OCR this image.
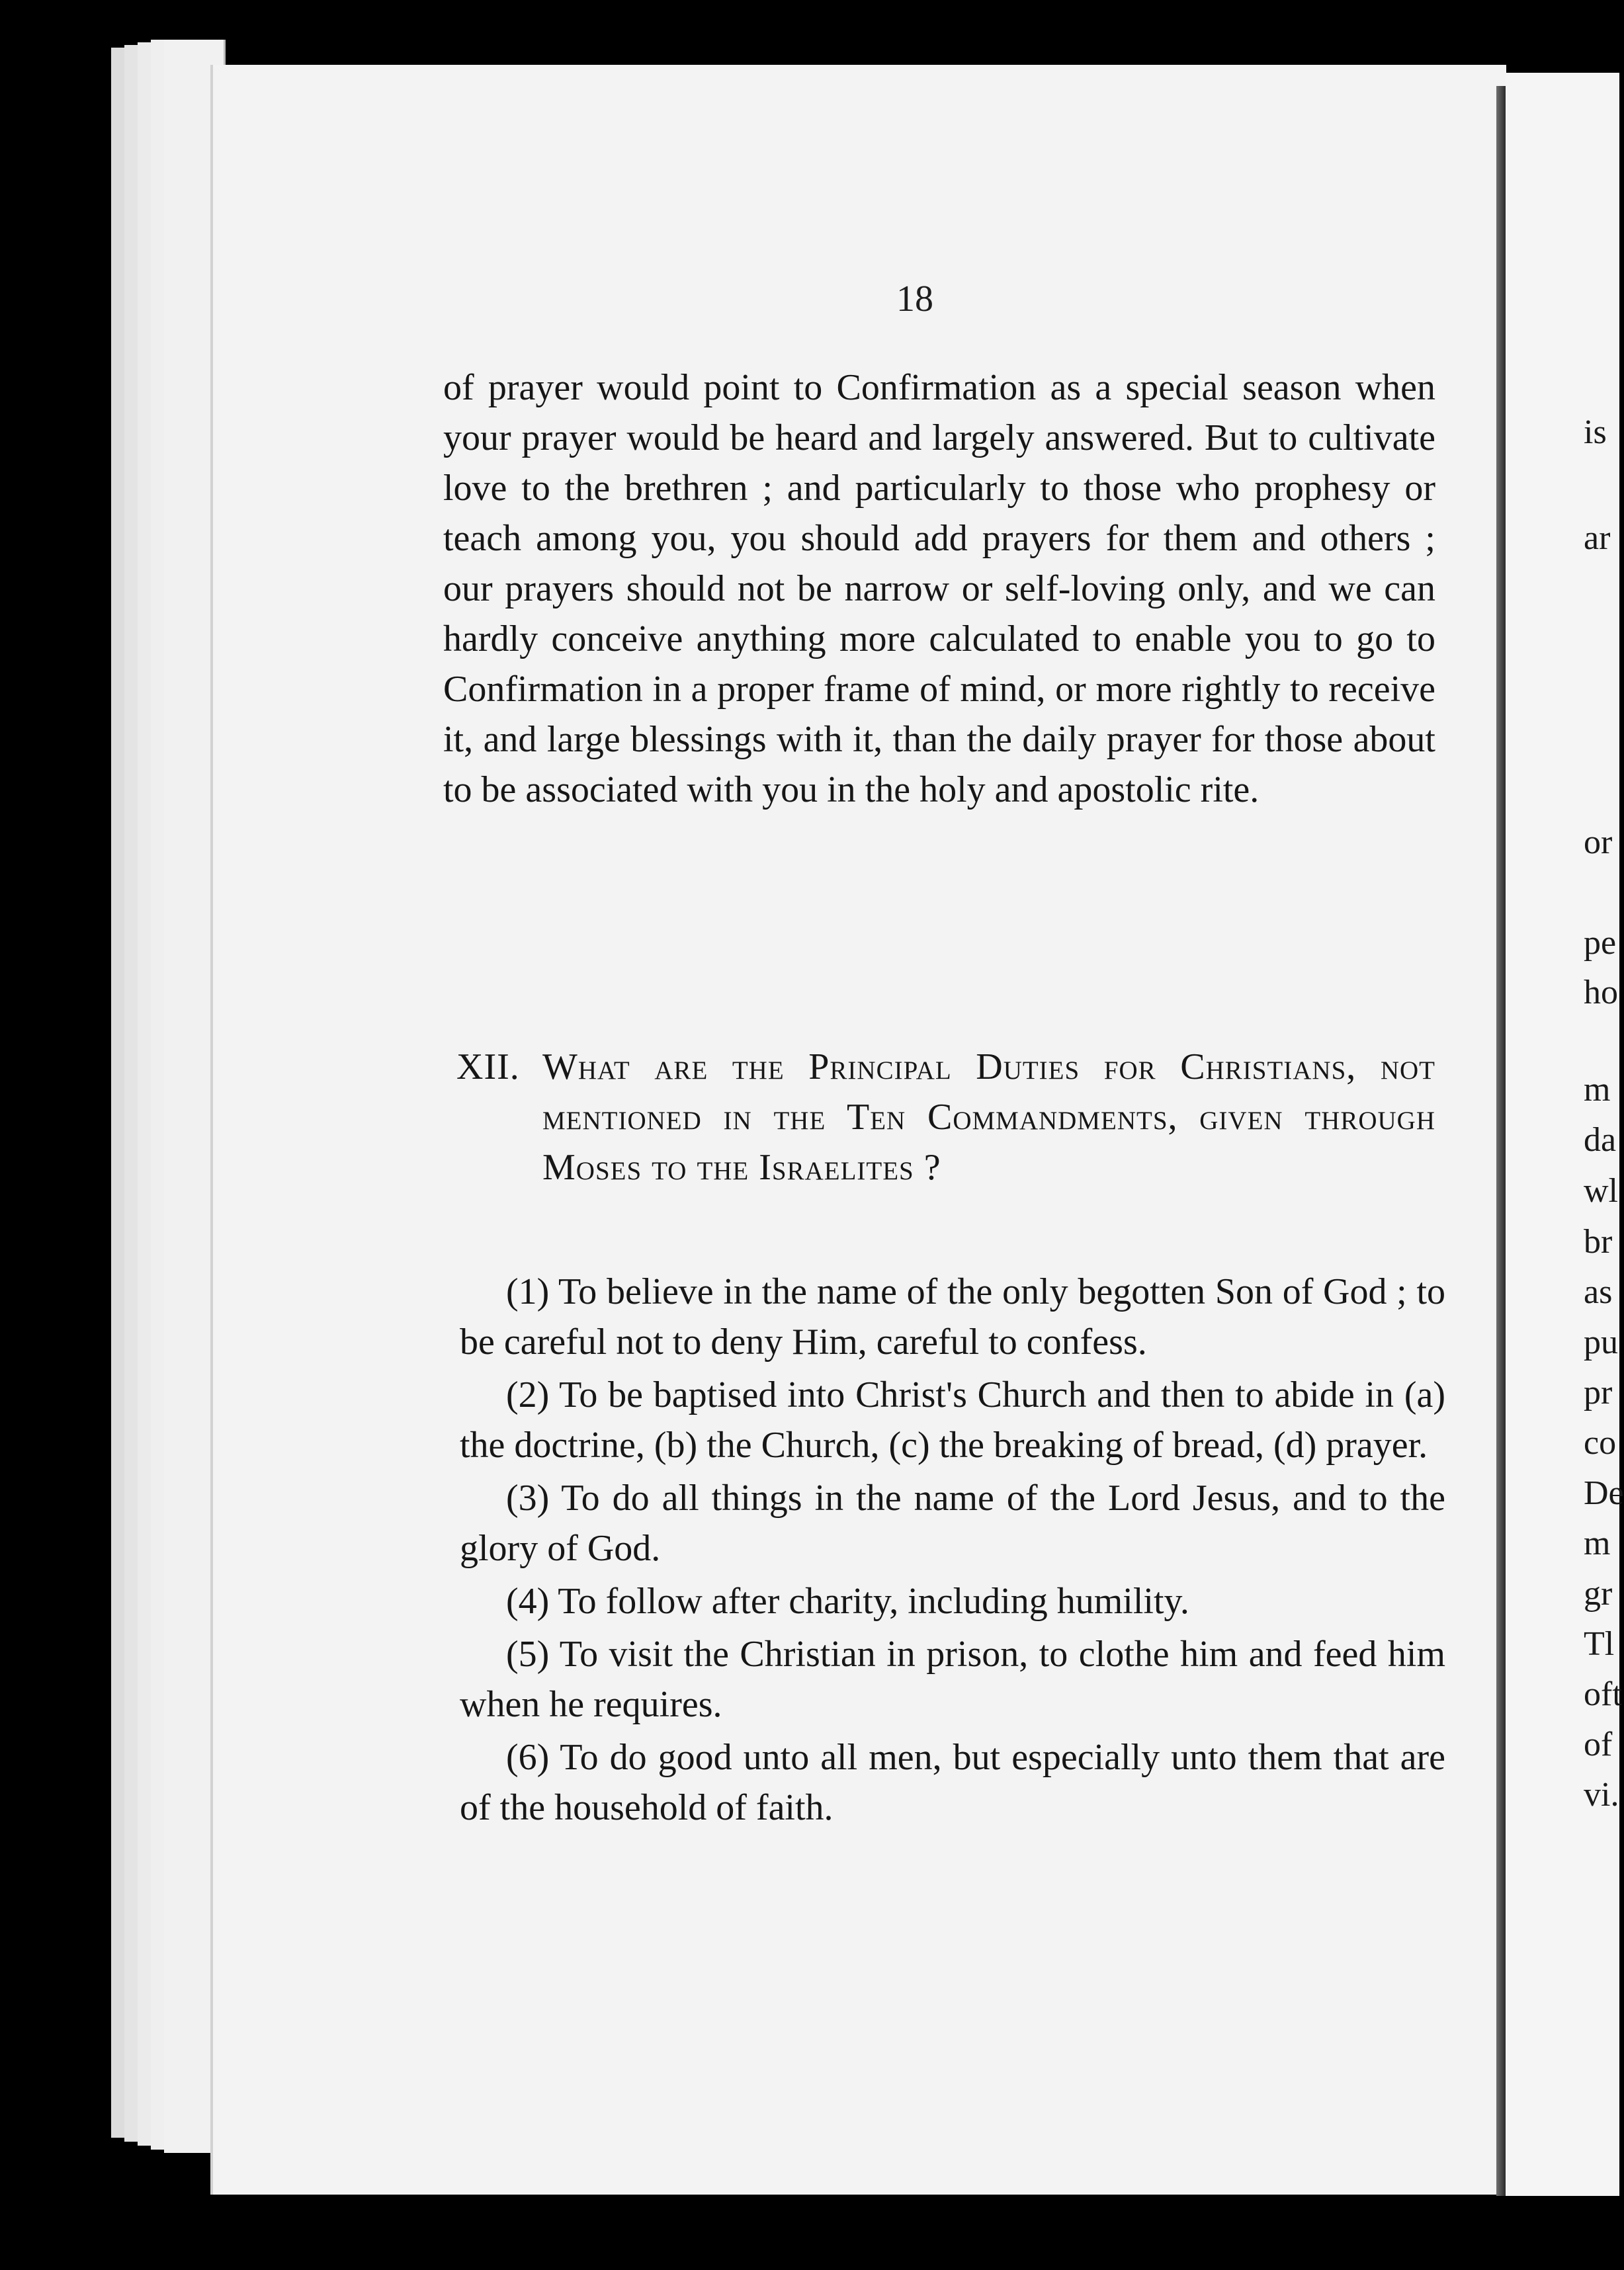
18

of prayer would point to Confirmation as a special season when your prayer would be heard and largely answered. But to cultivate love to the brethren ; and particularly to those who prophesy or teach among you, you should add prayers for them and others ; our prayers should not be narrow or self-loving only, and we can hardly conceive anything more calculated to enable you to go to Confirmation in a proper frame of mind, or more rightly to receive it, and large blessings with it, than the daily prayer for those about to be associated with you in the holy and apostolic rite.

XII. What are the Principal Duties for Christians, not mentioned in the Ten Commandments, given through Moses to the Israelites ?

(1) To believe in the name of the only begotten Son of God ; to be careful not to deny Him, careful to confess.

(2) To be baptised into Christ's Church and then to abide in (a) the doctrine, (b) the Church, (c) the breaking of bread, (d) prayer.

(3) To do all things in the name of the Lord Jesus, and to the glory of God.

(4) To follow after charity, including humility.

(5) To visit the Christian in prison, to clothe him and feed him when he requires.

(6) To do good unto all men, but especially unto them that are of the household of faith.

is
ar
or
pe
ho
m
da
wl
br
as
pu
pr
co
De
m
gr
Tl
oft
of
vi.
